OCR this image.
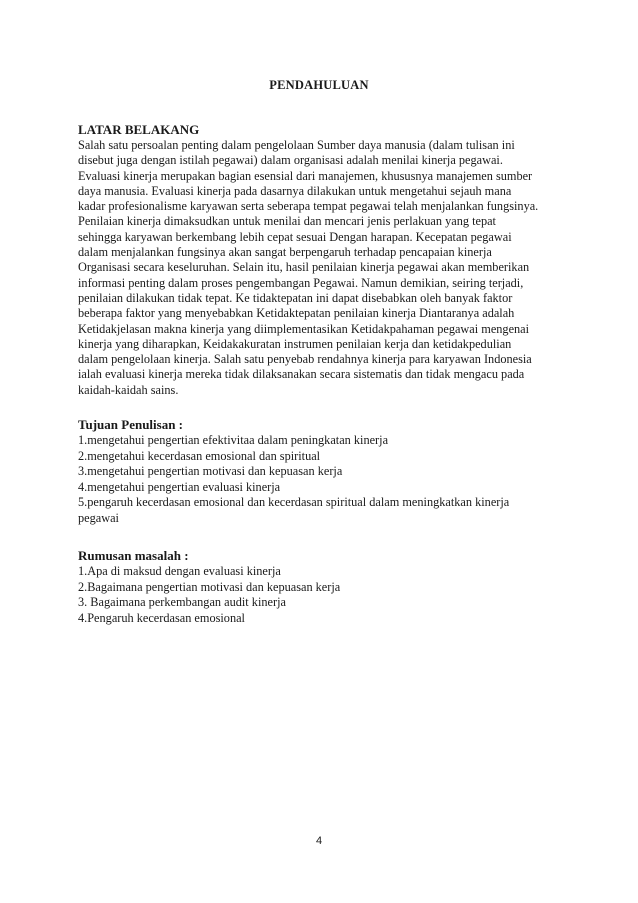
PENDAHULUAN

LATAR BELAKANG

Salah satu persoalan penting dalam pengelolaan Sumber daya manusia (dalam tulisan ini
disebut juga dengan istilah pegawai) dalam organisasi adalah menilai kinerja pegawai.
Evaluasi kinerja merupakan bagian esensial dari manajemen, khususnya manajemen sumber
daya manusia. Evaluasi kinerja pada dasarnya dilakukan untuk mengetahui sejauh mana
kadar profesionalisme karyawan serta seberapa tempat pegawai telah menjalankan fungsinya.
Penilaian kinerja dimaksudkan untuk menilai dan mencari jenis perlakuan yang tepat
sehingga karyawan berkembang lebih cepat sesuai Dengan harapan. Kecepatan pegawai
dalam menjalankan fungsinya akan sangat berpengaruh terhadap pencapaian kinerja
Organisasi secara keseluruhan. Selain itu, hasil penilaian kinerja pegawai akan memberikan
informasi penting dalam proses pengembangan Pegawai. Namun demikian, seiring terjadi,
penilaian dilakukan tidak tepat. Ke tidaktepatan ini dapat disebabkan oleh banyak faktor
beberapa faktor yang menyebabkan Ketidaktepatan penilaian kinerja Diantaranya adalah
Ketidakjelasan makna kinerja yang diimplementasikan Ketidakpahaman pegawai mengenai
kinerja yang diharapkan, Keidakakuratan instrumen penilaian kerja dan ketidakpedulian
dalam pengelolaan kinerja. Salah satu penyebab rendahnya kinerja para karyawan Indonesia
ialah evaluasi kinerja mereka tidak dilaksanakan secara sistematis dan tidak mengacu pada
kaidah-kaidah sains.

Tujuan Penulisan :

1.mengetahui pengertian efektivitaa dalam peningkatan kinerja
2.mengetahui kecerdasan emosional dan spiritual
3.mengetahui pengertian motivasi dan kepuasan kerja
4.mengetahui pengertian evaluasi kinerja
5.pengaruh kecerdasan emosional dan kecerdasan spiritual dalam meningkatkan kinerja
pegawai

Rumusan masalah :

1.Apa di maksud dengan evaluasi kinerja
2.Bagaimana pengertian motivasi dan kepuasan kerja
3. Bagaimana perkembangan audit kinerja
4.Pengaruh kecerdasan emosional
4
